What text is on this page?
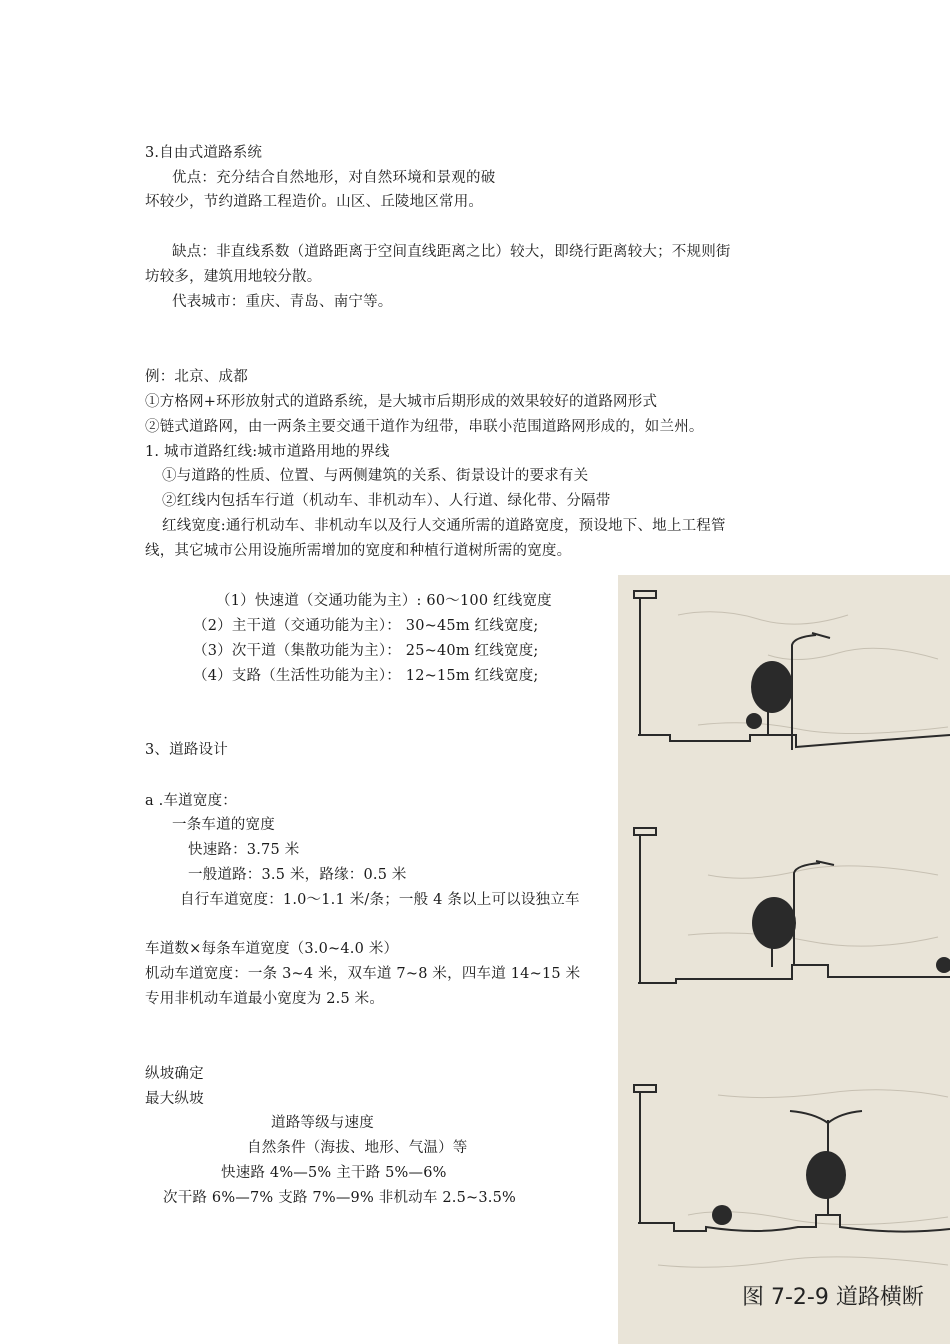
3.自由式道路系统
优点：充分结合自然地形，对自然环境和景观的破
坏较少，节约道路工程造价。山区、丘陵地区常用。
缺点：非直线系数（道路距离于空间直线距离之比）较大，即绕行距离较大；不规则街
坊较多，建筑用地较分散。
代表城市：重庆、青岛、南宁等。
例：北京、成都
①方格网+环形放射式的道路系统，是大城市后期形成的效果较好的道路网形式
②链式道路网，由一两条主要交通干道作为纽带，串联小范围道路网形成的，如兰州。
1. 城市道路红线:城市道路用地的界线
①与道路的性质、位置、与两侧建筑的关系、街景设计的要求有关
②红线内包括车行道（机动车、非机动车）、人行道、绿化带、分隔带
红线宽度:通行机动车、非机动车以及行人交通所需的道路宽度，预设地下、地上工程管
线，其它城市公用设施所需增加的宽度和种植行道树所需的宽度。
（1）快速道（交通功能为主）: 60～100 红线宽度
（2）主干道（交通功能为主）： 30~45m 红线宽度;
（3）次干道（集散功能为主）： 25~40m 红线宽度;
（4）支路（生活性功能为主）： 12~15m 红线宽度;
3、道路设计
a .车道宽度：
一条车道的宽度
快速路：3.75 米
一般道路：3.5 米，路缘：0.5 米
自行车道宽度：1.0～1.1 米/条；一般 4 条以上可以设独立车
车道数×每条车道宽度（3.0~4.0 米）
机动车道宽度：一条 3~4 米，双车道 7~8 米，四车道 14~15 米
专用非机动车道最小宽度为 2.5 米。
纵坡确定
最大纵坡
道路等级与速度
自然条件（海拔、地形、气温）等
快速路 4%—5% 主干路 5%—6%
次干路 6%—7% 支路 7%—9% 非机动车 2.5~3.5%
图 7-2-9 道路横断
